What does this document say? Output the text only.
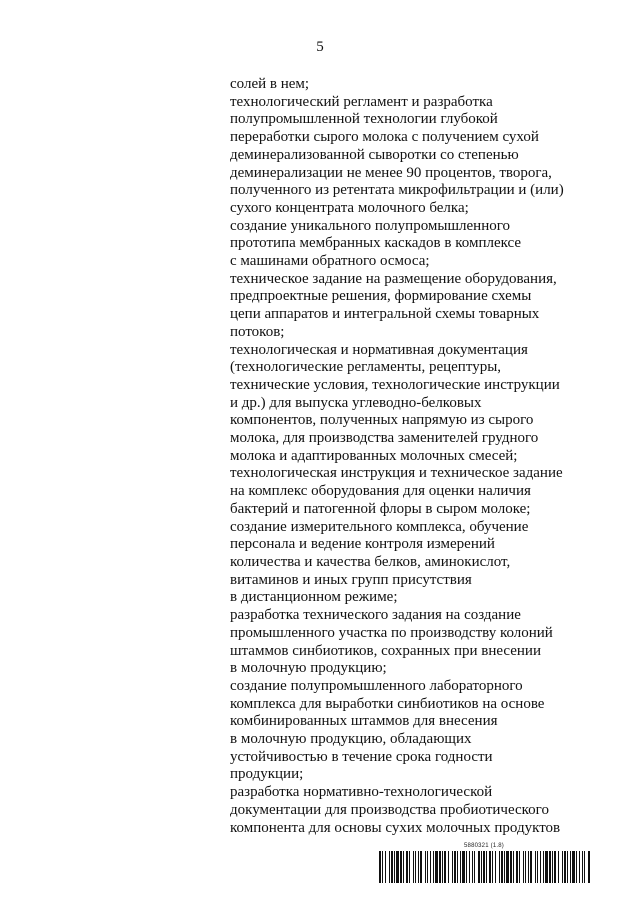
5
солей в нем;
технологический регламент и разработка
полупромышленной технологии глубокой
переработки сырого молока с получением сухой
деминерализованной сыворотки со степенью
деминерализации не менее 90 процентов, творога,
полученного из ретентата микрофильтрации и (или)
сухого концентрата молочного белка;
создание уникального полупромышленного
прототипа мембранных каскадов в комплексе
с машинами обратного осмоса;
техническое задание на размещение оборудования,
предпроектные решения, формирование схемы
цепи аппаратов и интегральной схемы товарных
потоков;
технологическая и нормативная документация
(технологические регламенты, рецептуры,
технические условия, технологические инструкции
и др.) для выпуска углеводно-белковых
компонентов, полученных напрямую из сырого
молока, для производства заменителей грудного
молока и адаптированных молочных смесей;
технологическая инструкция и техническое задание
на комплекс оборудования для оценки наличия
бактерий и патогенной флоры в сыром молоке;
создание измерительного комплекса, обучение
персонала и ведение контроля измерений
количества и качества белков, аминокислот,
витаминов и иных групп присутствия
в дистанционном режиме;
разработка технического задания на создание
промышленного участка по производству колоний
штаммов синбиотиков, сохранных при внесении
в молочную продукцию;
создание полупромышленного лабораторного
комплекса для выработки синбиотиков на основе
комбинированных штаммов для внесения
в молочную продукцию, обладающих
устойчивостью в течение срока годности
продукции;
разработка нормативно-технологической
документации для производства пробиотического
компонента для основы сухих молочных продуктов
5880321 (1.8)
